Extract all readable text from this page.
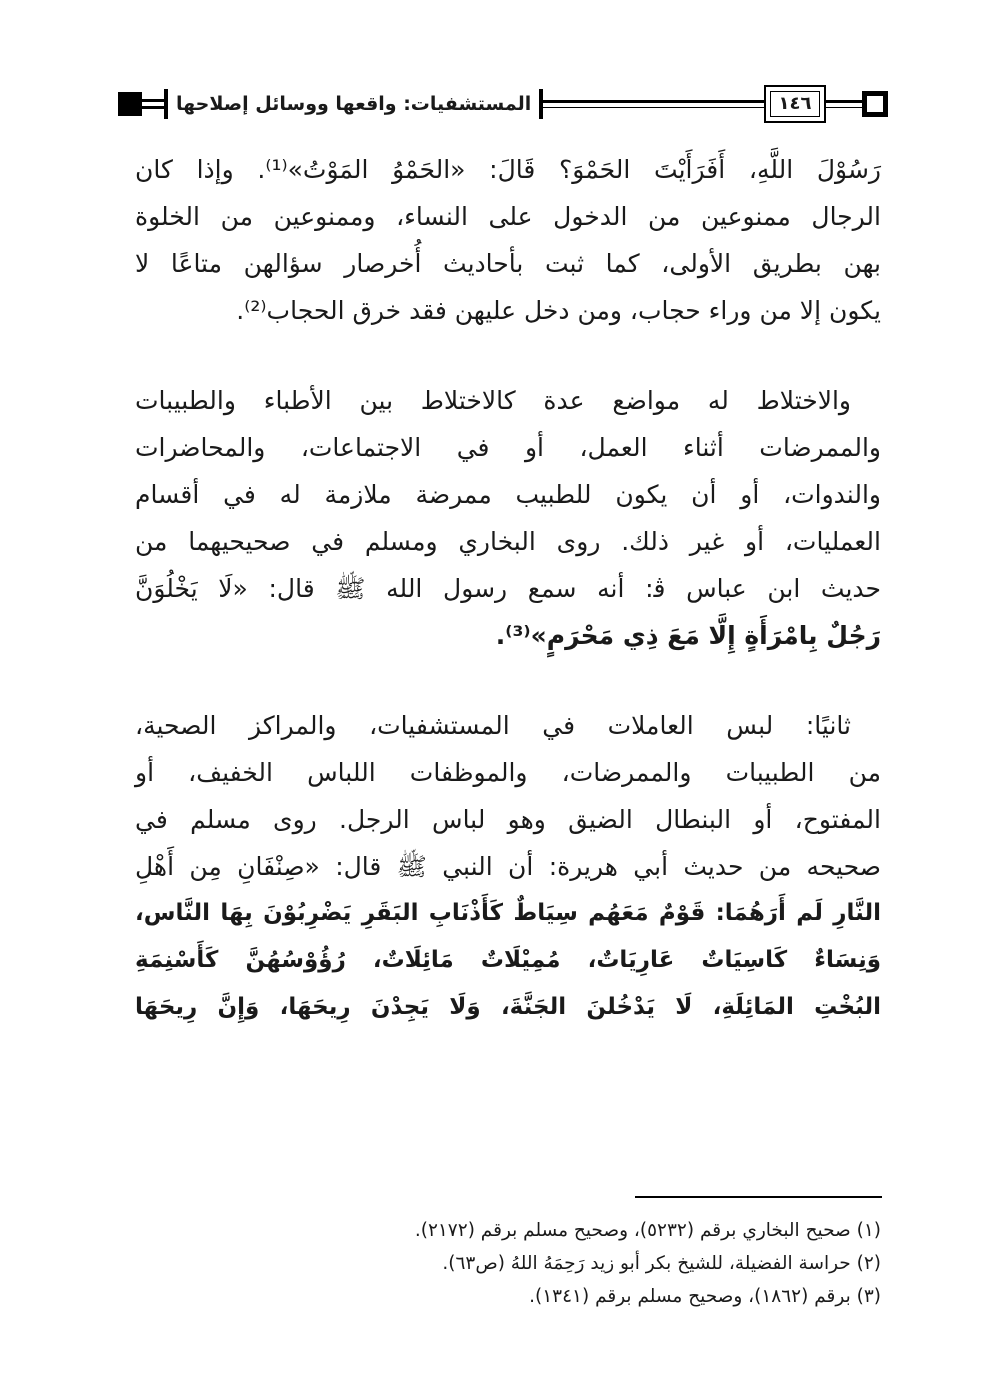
المستشفيات: واقعها ووسائل إصلاحها	١٤٦
رَسُوْلَ اللَّهِ، أَفَرَأَيْتَ الحَمْوَ؟ قَالَ: «الحَمْوُ المَوْتُ»⁽¹⁾. وإذا كان
الرجال ممنوعين من الدخول على النساء، وممنوعين من الخلوة
بهن بطريق الأولى، كما ثبت بأحاديث أُخرصار سؤالهن متاعًا لا
يكون إلا من وراء حجاب، ومن دخل عليهن فقد خرق الحجاب⁽²⁾.
والاختلاط له مواضع عدة كالاختلاط بين الأطباء والطبيبات
والممرضات أثناء العمل، أو في الاجتماعات، والمحاضرات
والندوات، أو أن يكون للطبيب ممرضة ملازمة له في أقسام
العمليات، أو غير ذلك. روى البخاري ومسلم في صحيحيهما من
حديث ابن عباس ﭬ: أنه سمع رسول الله ﷺ قال: «لَا يَخْلُوَنَّ
رَجُلٌ بِامْرَأَةٍ إِلَّا مَعَ ذِي مَحْرَمٍ»⁽³⁾.
ثانيًا: لبس العاملات في المستشفيات، والمراكز الصحية،
من الطبيبات والممرضات، والموظفات اللباس الخفيف، أو
المفتوح، أو البنطال الضيق وهو لباس الرجل. روى مسلم في
صحيحه من حديث أبي هريرة: أن النبي ﷺ قال: «صِنْفَانِ مِن أَهْلِ
النَّارِ لَم أَرَهُمَا: قَوْمٌ مَعَهُم سِيَاطٌ كَأَذْنَابِ البَقَرِ يَضْرِبُوْنَ بِهَا النَّاس،
وَنِسَاءٌ كَاسِيَاتٌ عَارِيَاتٌ، مُمِيْلَاتٌ مَائِلَاتٌ، رُؤُوْسُهُنَّ كَأَسْنِمَةِ
البُخْتِ المَائِلَةِ، لَا يَدْخُلنَ الجَنَّةَ، وَلَا يَجِدْنَ رِيحَهَا، وَإِنَّ رِيحَهَا
(١) صحيح البخاري برقم (٥٢٣٢)، وصحيح مسلم برقم (٢١٧٢).
(٢) حراسة الفضيلة، للشيخ بكر أبو زيد رَحِمَهُ اللهُ (ص٦٣).
(٣) برقم (١٨٦٢)، وصحيح مسلم برقم (١٣٤١).
